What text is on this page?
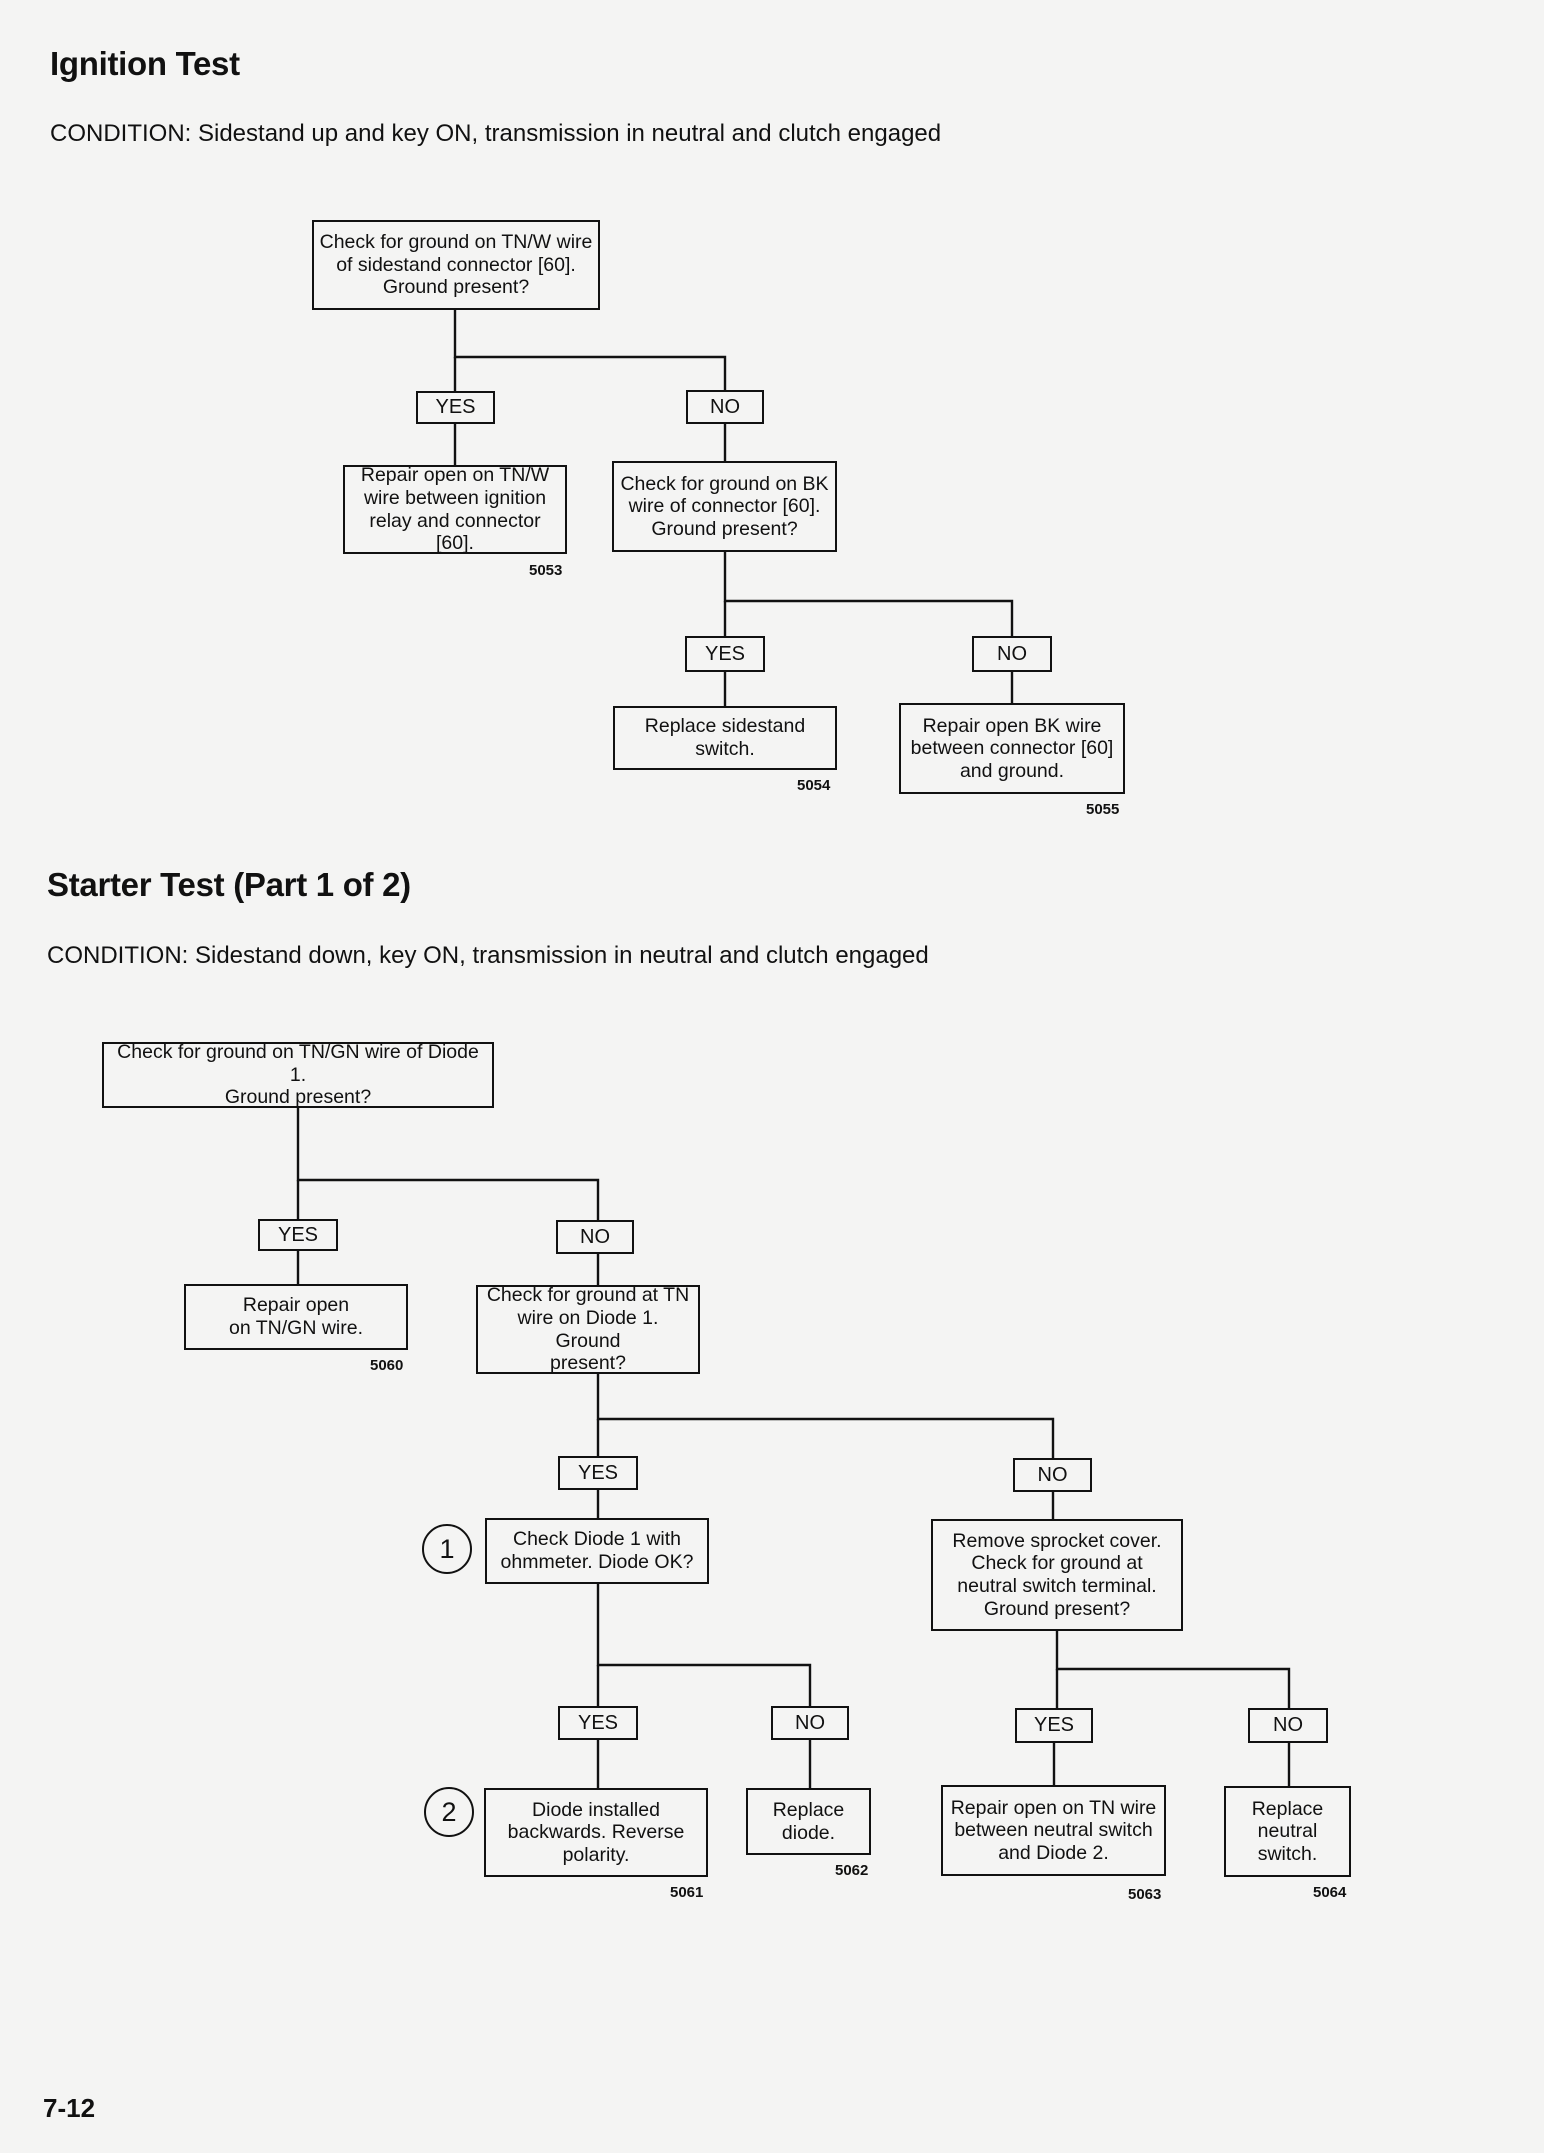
Ignition Test

CONDITION: Sidestand up and key ON, transmission in neutral and clutch engaged

Check for ground on TN/W wire
of sidestand connector [60].
Ground present?
YES	NO
Repair open on TN/W
wire between ignition
relay and connector [60].
5053
Check for ground on BK
wire of connector [60].
Ground present?
YES	NO
Replace sidestand
switch.
5054
Repair open BK wire
between connector [60]
and ground.
5055
Starter Test (Part 1 of 2)

CONDITION: Sidestand down, key ON, transmission in neutral and clutch engaged

Check for ground on TN/GN wire of Diode 1.
Ground present?
YES	NO
Repair open
on TN/GN wire.
5060
Check for ground at TN
wire on Diode 1. Ground
present?
YES	NO
1	Check Diode 1 with
ohmmeter. Diode OK?
YES	NO
2	Diode installed
backwards. Reverse
polarity.
5061
Replace
diode.
5062
Remove sprocket cover.
Check for ground at
neutral switch terminal.
Ground present?
YES	NO
Repair open on TN wire
between neutral switch
and Diode 2.
5063
Replace
neutral
switch.
5064
7-12
